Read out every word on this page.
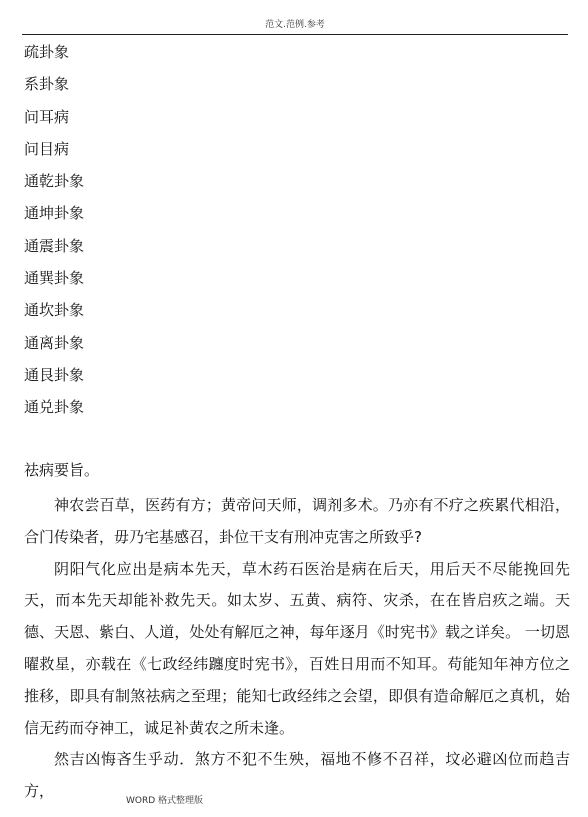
范文.范例.参考
疏卦象
系卦象
问耳病
问目病
通乾卦象
通坤卦象
通震卦象
通巽卦象
通坎卦象
通离卦象
通艮卦象
通兑卦象
祛病要旨。

神农尝百草，医药有方；黄帝问天师，调剂多术。乃亦有不疗之疾累代相沿，合门传染者，毋乃宅基感召，卦位干支有刑冲克害之所致乎?

阴阳气化应出是病本先天，草木药石医治是病在后天，用后天不尽能挽回先天，而本先天却能补救先天。如太岁、五黄、病符、灾杀，在在皆启疚之端。天德、天恩、紫白、人道，处处有解厄之神，每年逐月《时宪书》载之详矣。 一切恩曜救星，亦载在《七政经纬躔度时宪书》，百姓日用而不知耳。苟能知年神方位之推移，即具有制煞祛病之至理；能知七政经纬之会望，即俱有造命解厄之真机，始信无药而夺神工，诚足补黄农之所未逢。

然吉凶悔吝生乎动．煞方不犯不生殃，福地不修不召祥，坟必避凶位而趋吉方，

WORD 格式整理版
